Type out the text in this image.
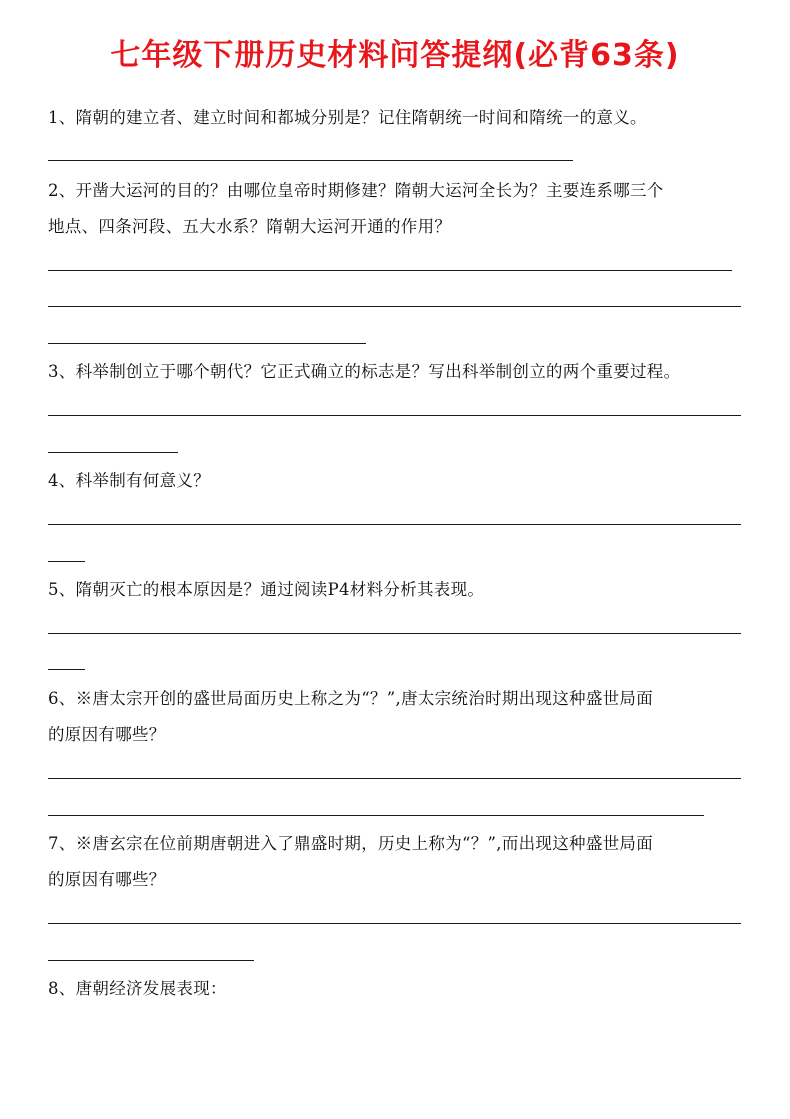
七年级下册历史材料问答提纲(必背63条)
1、隋朝的建立者、建立时间和都城分别是？记住隋朝统一时间和隋统一的意义。
2、开凿大运河的目的？由哪位皇帝时期修建？隋朝大运河全长为？主要连系哪三个
地点、四条河段、五大水系？隋朝大运河开通的作用？
3、科举制创立于哪个朝代？它正式确立的标志是？写出科举制创立的两个重要过程。
4、科举制有何意义？
5、隋朝灭亡的根本原因是？通过阅读P4材料分析其表现。
6、※唐太宗开创的盛世局面历史上称之为“？”,唐太宗统治时期出现这种盛世局面
的原因有哪些？
7、※唐玄宗在位前期唐朝进入了鼎盛时期，历史上称为“？”,而出现这种盛世局面
的原因有哪些？
8、唐朝经济发展表现：
